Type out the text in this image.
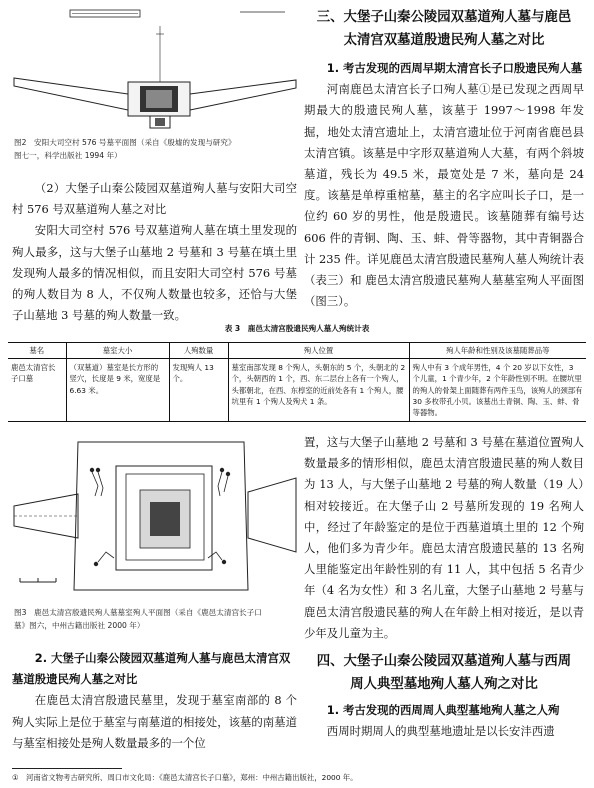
图2　安阳大司空村 576 号墓平面图（采自《殷墟的发现与研究》图七一，科学出版社 1994 年）

（2）大堡子山秦公陵园双墓道殉人墓与安阳大司空村 576 号双墓道殉人墓之对比

安阳大司空村 576 号双墓道殉人墓在填土里发现的殉人最多，这与大堡子山墓地 2 号墓和 3 号墓在填土里发现殉人最多的情况相似，而且安阳大司空村 576 号墓的殉人数目为 8 人，不仅殉人数量也较多，还恰与大堡子山墓地 3 号墓的殉人数量一致。

三、大堡子山秦公陵园双墓道殉人墓与鹿邑

太清宫双墓道殷遗民殉人墓之对比

1. 考古发现的西周早期太清宫长子口殷遗民殉人墓

河南鹿邑太清宫长子口殉人墓①是已发现之西周早期最大的殷遗民殉人墓，该墓于 1997～1998 年发掘，地处太清宫遗址上，太清宫遗址位于河南省鹿邑县太清宫镇。该墓是中字形双墓道殉人大墓，有两个斜坡墓道，残长为 49.5 米，最宽处是 7 米，墓向是 24 度。该墓是单椁重棺墓，墓主的名字应叫长子口，是一位约 60 岁的男性，他是殷遗民。该墓随葬有编号达 606 件的青铜、陶、玉、蚌、骨等器物，其中青铜器合计 235 件。详见鹿邑太清宫殷遗民墓殉人墓人殉统计表（表三）和 鹿邑太清宫殷遗民墓殉人墓墓室殉人平面图（图三）。

表 3　鹿邑太清宫殷遗民殉人墓人殉统计表
墓名	墓室大小	人殉数量	殉人位置	殉人年龄和性别及该墓随葬品等
鹿邑太清宫长子口墓	（双墓道）墓室是长方形的竖穴，长度是 9 米，宽度是 6.63 米。	发现殉人 13 个。	墓室南部发现 8 个殉人，头朝东的 5 个，头朝北的 2 个，头朝西的 1 个，西、东二层台上各有一个殉人，头都朝北，在西、东椁室的近前处各有 1 个殉人，腰坑里有 1 个殉人及殉犬 1 条。	殉人中有 3 个成年男性，4 个 20 岁以下女性，3 个儿童，1 个青少年，2 个年龄性别不明。在腰坑里的殉人的骨架上面随葬有两件玉鸟，该殉人的颈部有 30 多枚带孔小贝。该墓出土青铜、陶、玉、蚌、骨等器物。
图3　鹿邑太清宫殷遗民殉人墓墓室殉人平面图（采自《鹿邑太清宫长子口墓》图六，中州古籍出版社 2000 年）

置，这与大堡子山墓地 2 号墓和 3 号墓在墓道位置殉人数量最多的情形相似，鹿邑太清宫殷遗民墓的殉人数目为 13 人，与大堡子山墓地 2 号墓的殉人数量（19 人）相对较接近。在大堡子山 2 号墓所发现的 19 名殉人中，经过了年龄鉴定的是位于西墓道填土里的 12 个殉人，他们多为青少年。鹿邑太清宫殷遗民墓的 13 名殉人里能鉴定出年龄性别的有 11 人，其中包括 5 名青少年（4 名为女性）和 3 名儿童，大堡子山墓地 2 号墓与鹿邑太清宫殷遗民墓的殉人在年龄上相对接近，是以青少年及儿童为主。

四、大堡子山秦公陵园双墓道殉人墓与西周

周人典型墓地殉人墓人殉之对比

1. 考古发现的西周周人典型墓地殉人墓之人殉

西周时期周人的典型墓地遗址是以长安沣西遗

2. 大堡子山秦公陵园双墓道殉人墓与鹿邑太清宫双墓道殷遗民殉人墓之对比

在鹿邑太清宫殷遗民墓里，发现于墓室南部的 8 个殉人实际上是位于墓室与南墓道的相接处，该墓的南墓道与墓室相接处是殉人数量最多的一个位

①　河南省文物考古研究所、周口市文化局：《鹿邑太清宫长子口墓》，郑州：中州古籍出版社，2000 年。
